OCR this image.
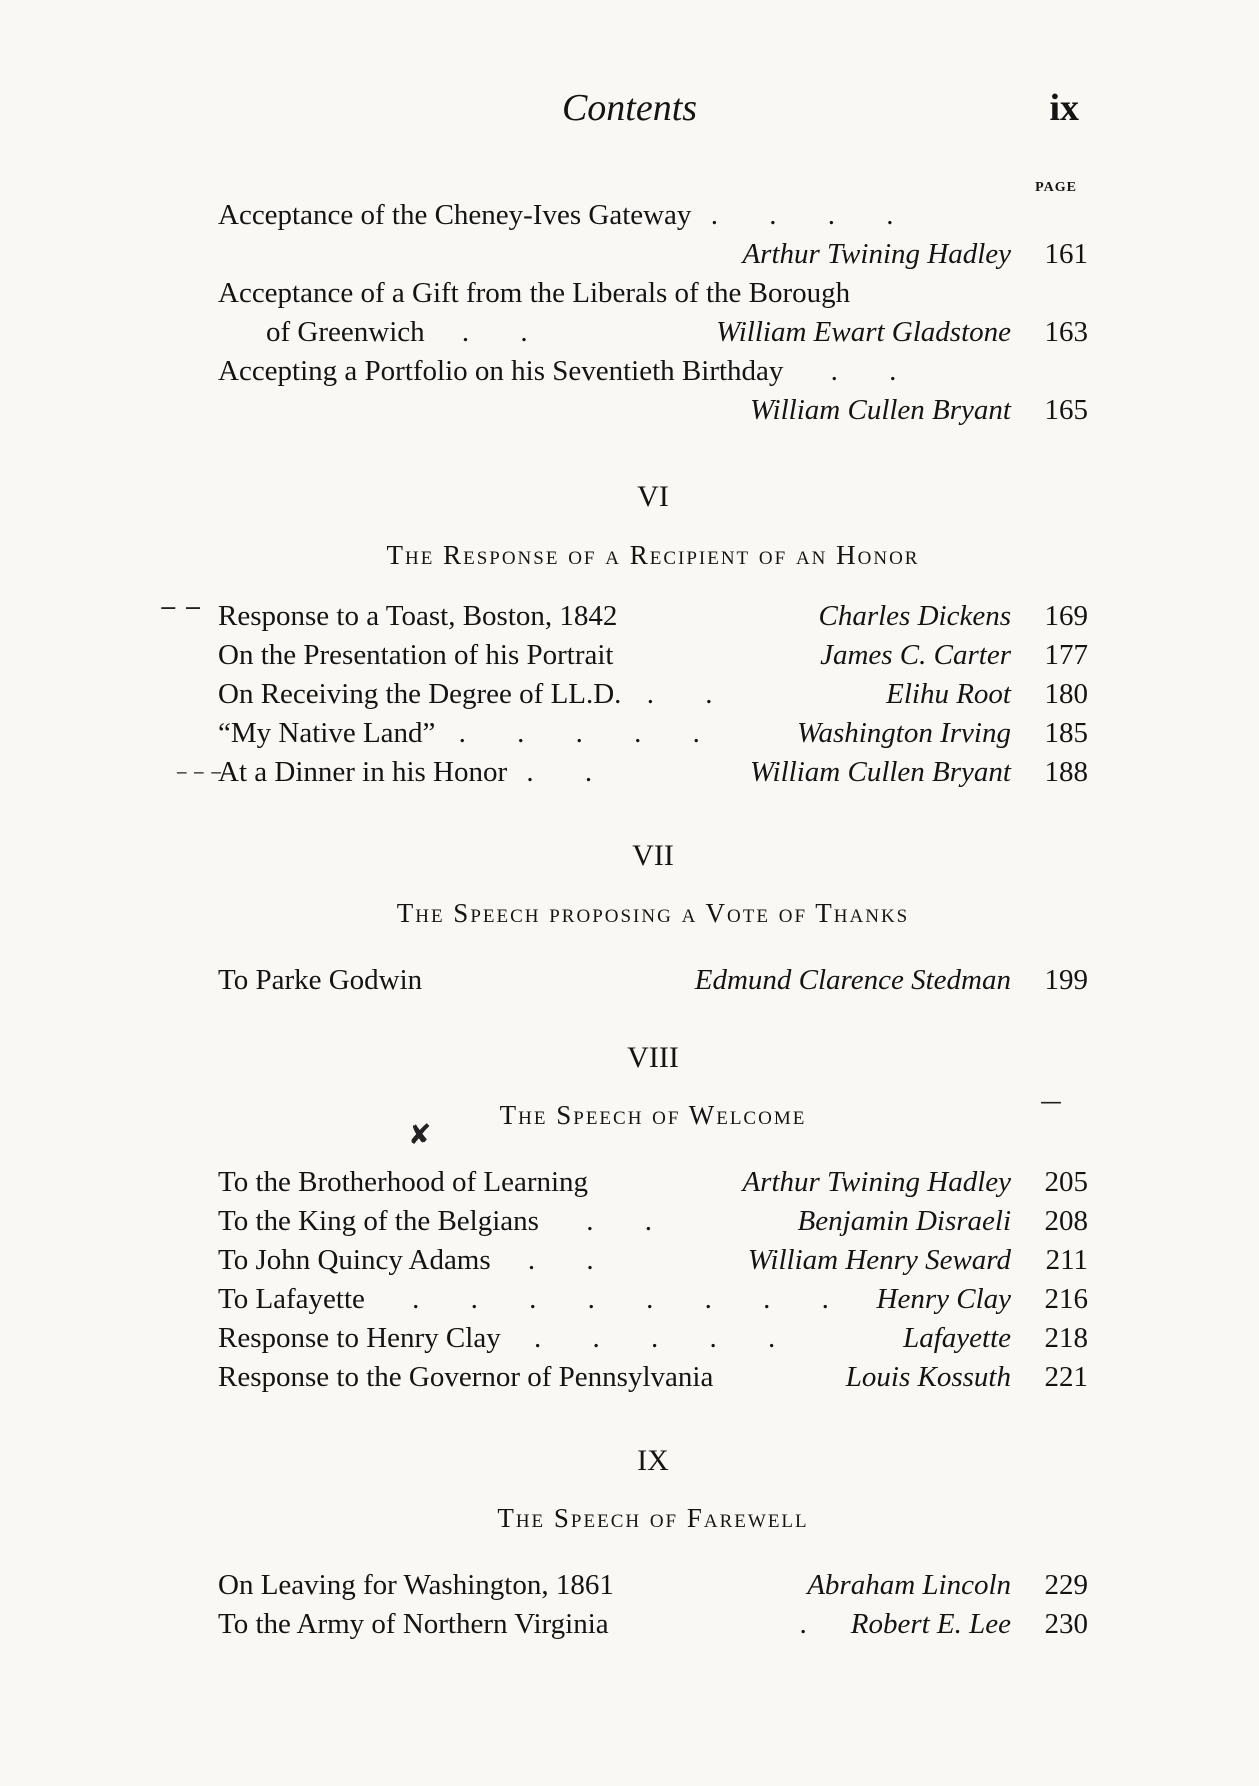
Contents	ix
PAGE
‒ ‒
‒ ‒ ‒
✘
—
Acceptance of the Cheney-Ives Gateway . . . .
Arthur Twining Hadley	161
Acceptance of a Gift from the Liberals of the Borough
of Greenwich . .	William Ewart Gladstone	163
Accepting a Portfolio on his Seventieth Birthday . .
William Cullen Bryant	165
VI
The Response of a Recipient of an Honor
Response to a Toast, Boston, 1842	Charles Dickens	169
On the Presentation of his Portrait	James C. Carter	177
On Receiving the Degree of LL.D. . .	Elihu Root	180
“My Native Land” . . . . .	Washington Irving	185
At a Dinner in his Honor . .	William Cullen Bryant	188
VII
The Speech proposing a Vote of Thanks
To Parke Godwin	Edmund Clarence Stedman	199
VIII
The Speech of Welcome
To the Brotherhood of Learning	Arthur Twining Hadley	205
To the King of the Belgians . .	Benjamin Disraeli	208
To John Quincy Adams . .	William Henry Seward	211
To Lafayette . . . . . . . . Henry Clay	216
Response to Henry Clay . . . . .	Lafayette	218
Response to the Governor of Pennsylvania	Louis Kossuth	221
IX
The Speech of Farewell
On Leaving for Washington, 1861	Abraham Lincoln	229
To the Army of Northern Virginia	. Robert E. Lee	230
